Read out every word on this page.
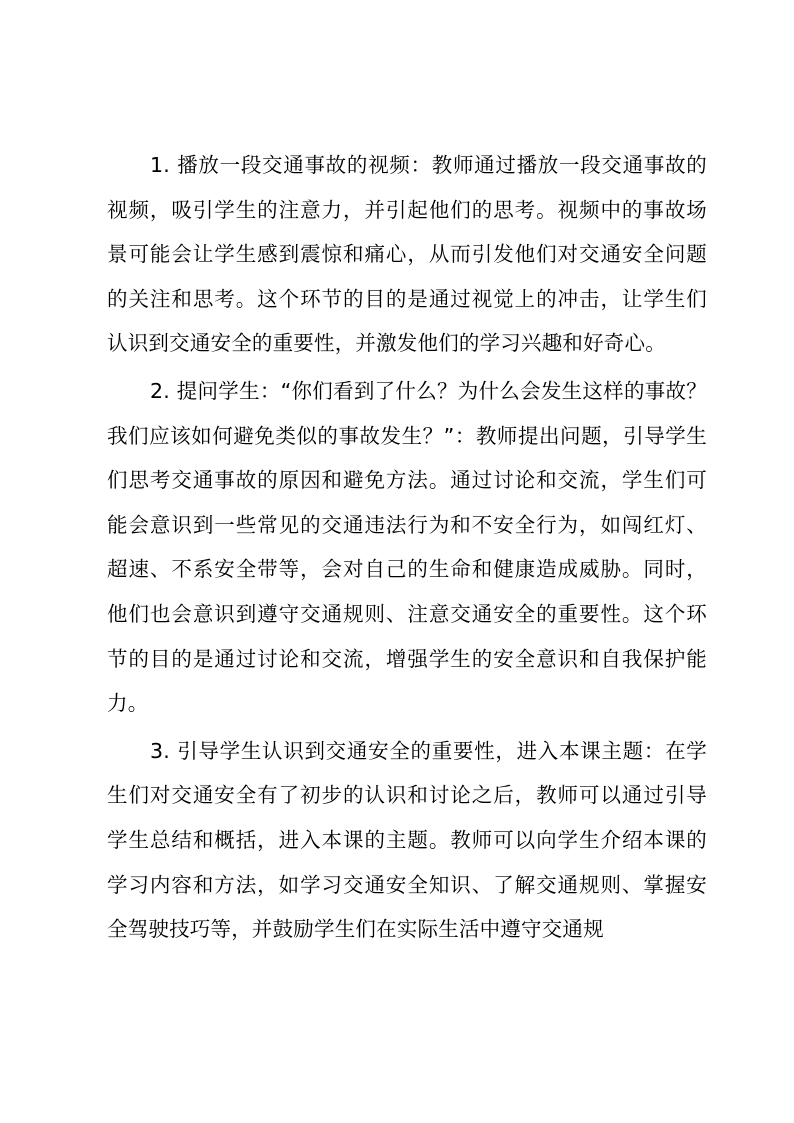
1. 播放一段交通事故的视频：教师通过播放一段交通事故的视频，吸引学生的注意力，并引起他们的思考。视频中的事故场景可能会让学生感到震惊和痛心，从而引发他们对交通安全问题的关注和思考。这个环节的目的是通过视觉上的冲击，让学生们认识到交通安全的重要性，并激发他们的学习兴趣和好奇心。

2. 提问学生：“你们看到了什么？为什么会发生这样的事故？我们应该如何避免类似的事故发生？”：教师提出问题，引导学生们思考交通事故的原因和避免方法。通过讨论和交流，学生们可能会意识到一些常见的交通违法行为和不安全行为，如闯红灯、超速、不系安全带等，会对自己的生命和健康造成威胁。同时，他们也会意识到遵守交通规则、注意交通安全的重要性。这个环节的目的是通过讨论和交流，增强学生的安全意识和自我保护能力。

3. 引导学生认识到交通安全的重要性，进入本课主题：在学生们对交通安全有了初步的认识和讨论之后，教师可以通过引导学生总结和概括，进入本课的主题。教师可以向学生介绍本课的学习内容和方法，如学习交通安全知识、了解交通规则、掌握安全驾驶技巧等，并鼓励学生们在实际生活中遵守交通规
